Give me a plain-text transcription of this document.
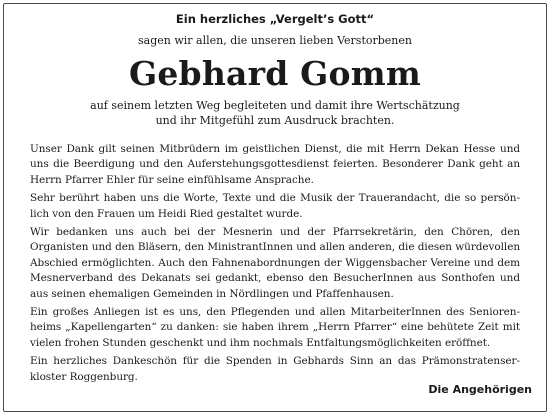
Ein herzliches „Vergelt’s Gott“
sagen wir allen, die unseren lieben Verstorbenen
Gebhard Gomm
auf seinem letzten Weg begleiteten und damit ihre Wertschätzung
und ihr Mitgefühl zum Ausdruck brachten.

Unser Dank gilt seinen Mitbrüdern im geistlichen Dienst, die mit Herrn Dekan Hesse und uns die Beerdigung und den Auferstehungsgottesdienst feierten. Besonderer Dank geht an Herrn Pfarrer Ehler für seine einfühlsame Ansprache.

Sehr berührt haben uns die Worte, Texte und die Musik der Trauerandacht, die so persönlich von den Frauen um Heidi Ried gestaltet wurde.

Wir bedanken uns auch bei der Mesnerin und der Pfarrsekretärin, den Chören, den Organisten und den Bläsern, den MinistrantInnen und allen anderen, die diesen würdevollen Abschied ermöglichten. Auch den Fahnenabordnungen der Wiggensbacher Vereine und dem Mesnerverband des Dekanats sei gedankt, ebenso den BesucherInnen aus Sonthofen und aus seinen ehemaligen Gemeinden in Nördlingen und Pfaffenhausen.

Ein großes Anliegen ist es uns, den Pflegenden und allen MitarbeiterInnen des Seniorenheims „Kapellengarten“ zu danken: sie haben ihrem „Herrn Pfarrer“ eine behütete Zeit mit vielen frohen Stunden geschenkt und ihm nochmals Entfaltungsmöglichkeiten eröffnet.

Ein herzliches Dankeschön für die Spenden in Gebhards Sinn an das Prämonstratenserkloster Roggenburg.

Die Angehörigen
